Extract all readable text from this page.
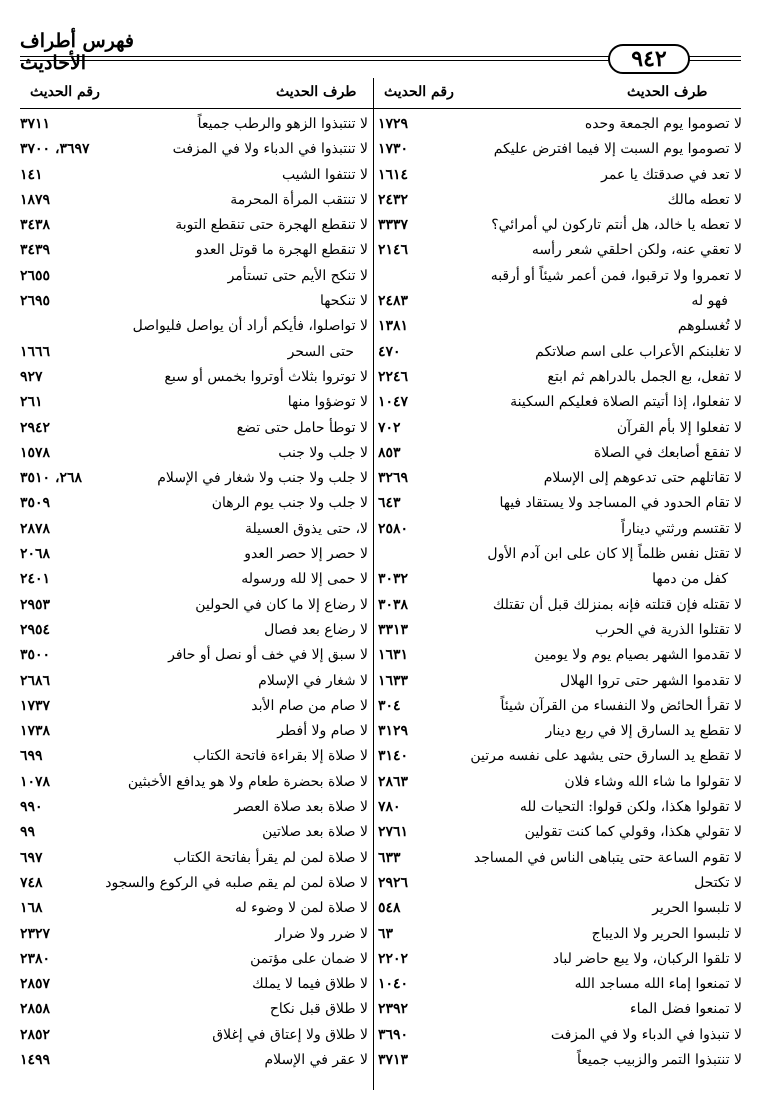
فهرس أطراف الأحاديث	٩٤٢
طرف الحديث
رقم الحديث
طرف الحديث
رقم الحديث
١٧٢٩	لا تصوموا يوم الجمعة وحده
١٧٣٠	لا تصوموا يوم السبت إلا فيما افترض عليكم
١٦١٤	لا تعد في صدقتك يا عمر
٢٤٣٢	لا تعطه مالك
٣٣٣٧	لا تعطه يا خالد، هل أنتم تاركون لي أمرائي؟
٢١٤٦	لا تعقي عنه، ولكن احلقي شعر رأسه
لا تعمروا ولا ترقبوا، فمن أعمر شيئاً أو أرقبه
٢٤٨٣	فهو له
١٣٨١	لا تُغسلوهم
٤٧٠	لا تغلبنكم الأعراب على اسم صلاتكم
٢٢٤٦	لا تفعل، بع الجمل بالدراهم ثم ابتع
١٠٤٧	لا تفعلوا، إذا أتيتم الصلاة فعليكم السكينة
٧٠٢	لا تفعلوا إلا بأم القرآن
٨٥٣	لا تفقع أصابعك في الصلاة
٣٢٦٩	لا تقاتلهم حتى تدعوهم إلى الإسلام
٦٤٣	لا تقام الحدود في المساجد ولا يستقاد فيها
٢٥٨٠	لا تقتسم ورثتي ديناراً
لا تقتل نفس ظلماً إلا كان على ابن آدم الأول
٣٠٣٢	كفل من دمها
٣٠٣٨	لا تقتله فإن قتلته فإنه بمنزلك قبل أن تقتلك
٣٣١٣	لا تقتلوا الذرية في الحرب
١٦٣١	لا تقدموا الشهر بصيام يوم ولا يومين
١٦٣٣	لا تقدموا الشهر حتى تروا الهلال
٣٠٤	لا تقرأ الحائض ولا النفساء من القرآن شيئاً
٣١٢٩	لا تقطع يد السارق إلا في ربع دينار
٣١٤٠	لا تقطع يد السارق حتى يشهد على نفسه مرتين
٢٨٦٣	لا تقولوا ما شاء الله وشاء فلان
٧٨٠	لا تقولوا هكذا، ولكن قولوا: التحيات لله
٢٧٦١	لا تقولي هكذا، وقولي كما كنت تقولين
٦٣٣	لا تقوم الساعة حتى يتباهى الناس في المساجد
٢٩٢٦	لا تكتحل
٥٤٨	لا تلبسوا الحرير
٦٣	لا تلبسوا الحرير ولا الديباج
٢٢٠٢	لا تلقوا الركبان، ولا يبع حاضر لباد
١٠٤٠	لا تمنعوا إماء الله مساجد الله
٢٣٩٢	لا تمنعوا فضل الماء
٣٦٩٠	لا تنبذوا في الدباء ولا في المزفت
٣٧١٣	لا تنتبذوا التمر والزبيب جميعاً
٣٧١١	لا تنتبذوا الزهو والرطب جميعاً
٣٦٩٧، ٣٧٠٠	لا تنتبذوا في الدباء ولا في المزفت
١٤١	لا تنتفوا الشيب
١٨٧٩	لا تنتقب المرأة المحرمة
٣٤٣٨	لا تنقطع الهجرة حتى تنقطع التوبة
٣٤٣٩	لا تنقطع الهجرة ما قوتل العدو
٢٦٥٥	لا تنكح الأيم حتى تستأمر
٢٦٩٥	لا تنكحها
لا تواصلوا، فأيكم أراد أن يواصل فليواصل
١٦٦٦	حتى السحر
٩٢٧	لا توتروا بثلاث أوتروا بخمس أو سبع
٢٦١	لا توضؤوا منها
٢٩٤٢	لا توطأ حامل حتى تضع
١٥٧٨	لا جلب ولا جنب
٢٦٨، ٣٥١٠	لا جلب ولا جنب ولا شغار في الإسلام
٣٥٠٩	لا جلب ولا جنب يوم الرهان
٢٨٧٨	لا، حتى يذوق العسيلة
٢٠٦٨	لا حصر إلا حصر العدو
٢٤٠١	لا حمى إلا لله ورسوله
٢٩٥٣	لا رضاع إلا ما كان في الحولين
٢٩٥٤	لا رضاع بعد فصال
٣٥٠٠	لا سبق إلا في خف أو نصل أو حافر
٢٦٨٦	لا شغار في الإسلام
١٧٣٧	لا صام من صام الأبد
١٧٣٨	لا صام ولا أفطر
٦٩٩	لا صلاة إلا بقراءة فاتحة الكتاب
١٠٧٨	لا صلاة بحضرة طعام ولا هو يدافع الأخبثين
٩٩٠	لا صلاة بعد صلاة العصر
٩٩	لا صلاة بعد صلاتين
٦٩٧	لا صلاة لمن لم يقرأ بفاتحة الكتاب
٧٤٨	لا صلاة لمن لم يقم صلبه في الركوع والسجود
١٦٨	لا صلاة لمن لا وضوء له
٢٣٢٧	لا ضرر ولا ضرار
٢٣٨٠	لا ضمان على مؤتمن
٢٨٥٧	لا طلاق فيما لا يملك
٢٨٥٨	لا طلاق قبل نكاح
٢٨٥٢	لا طلاق ولا إعتاق في إغلاق
١٤٩٩	لا عقر في الإسلام
